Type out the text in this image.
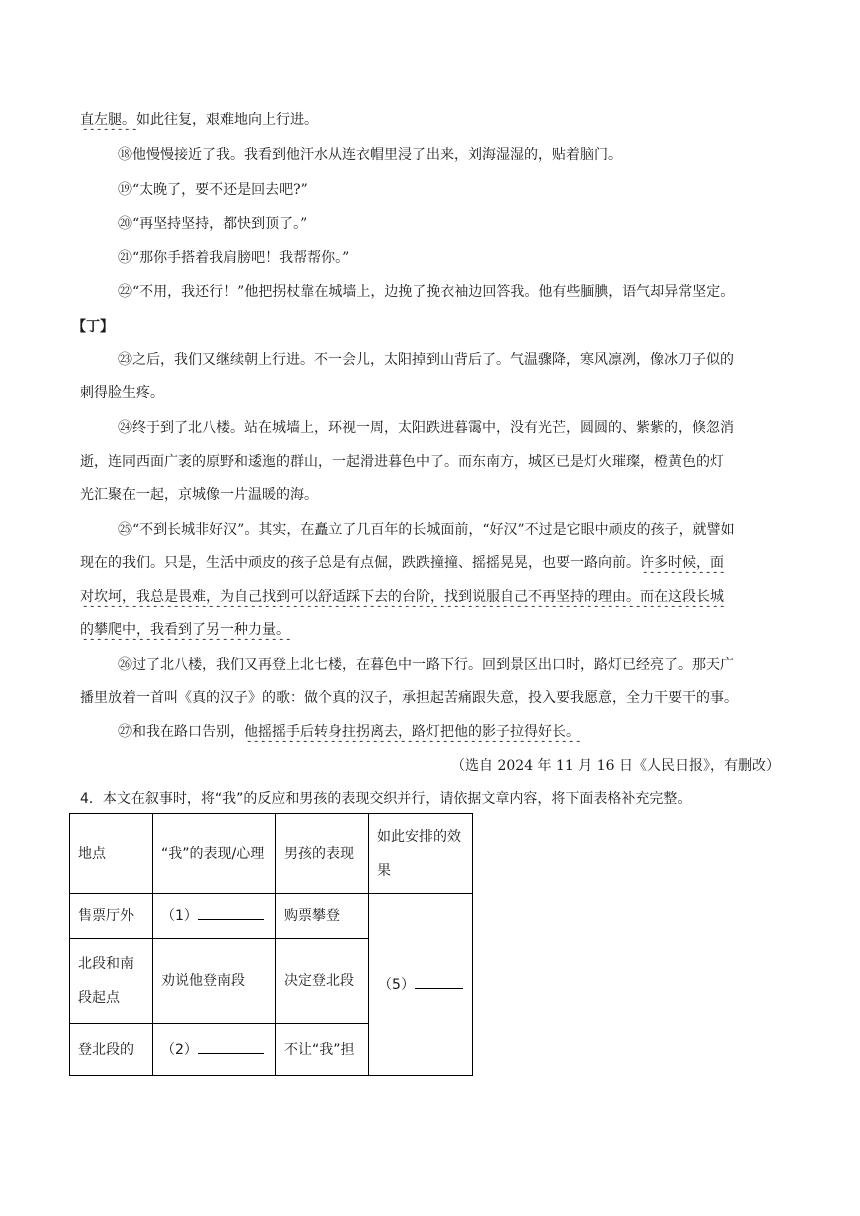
直左腿。如此往复，艰难地向上行进。
⑱他慢慢接近了我。我看到他汗水从连衣帽里浸了出来，刘海湿湿的，贴着脑门。
⑲“太晚了，要不还是回去吧?”
⑳“再坚持坚持，都快到顶了。”
㉑“那你手搭着我肩膀吧！我帮帮你。”
㉒“不用，我还行！”他把拐杖靠在城墙上，边挽了挽衣袖边回答我。他有些腼腆，语气却异常坚定。
【丁】
㉓之后，我们又继续朝上行进。不一会儿，太阳掉到山背后了。气温骤降，寒风凛冽，像冰刀子似的
刺得脸生疼。
㉔终于到了北八楼。站在城墙上，环视一周，太阳跌进暮霭中，没有光芒，圆圆的、紫紫的，倏忽消
逝，连同西面广袤的原野和逶迤的群山，一起滑进暮色中了。而东南方，城区已是灯火璀璨，橙黄色的灯
光汇聚在一起，京城像一片温暖的海。
㉕“不到长城非好汉”。其实，在矗立了几百年的长城面前，“好汉”不过是它眼中顽皮的孩子，就譬如
现在的我们。只是，生活中顽皮的孩子总是有点倔，跌跌撞撞、摇摇晃晃，也要一路向前。许多时候，面
对坎坷，我总是畏难，为自己找到可以舒适踩下去的台阶，找到说服自己不再坚持的理由。而在这段长城
的攀爬中，我看到了另一种力量。
㉖过了北八楼，我们又再登上北七楼，在暮色中一路下行。回到景区出口时，路灯已经亮了。那天广
播里放着一首叫《真的汉子》的歌：做个真的汉子，承担起苦痛跟失意，投入要我愿意，全力干要干的事。
㉗和我在路口告别，他摇摇手后转身拄拐离去，路灯把他的影子拉得好长。
（选自 2024 年 11 月 16 日《人民日报》，有删改）
4．本文在叙事时，将“我”的反应和男孩的表现交织并行，请依据文章内容，将下面表格补充完整。
地点	“我”的表现/心理	男孩的表现	如此安排的效果
售票厅外	（1）	购票攀登	（5）
北段和南段起点	劝说他登南段	决定登北段	
登北段的	（2）	不让“我”担	
